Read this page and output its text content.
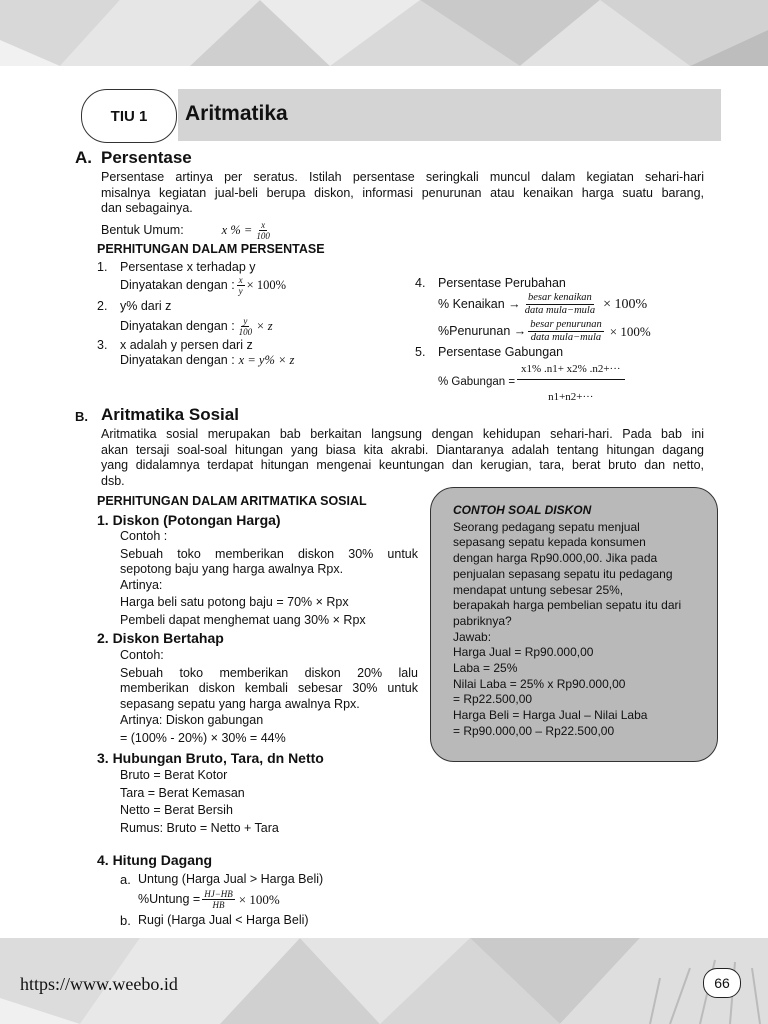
TIU 1	Aritmatika
A. Persentase
Persentase artinya per seratus. Istilah persentase seringkali muncul dalam kegiatan sehari-hari
misalnya kegiatan jual-beli berupa diskon, informasi penurunan atau kenaikan harga suatu barang,
dan sebagainya.
Bentuk Umum:	x % = $\frac{x}{100}$
PERHITUNGAN DALAM PERSENTASE
1. Persentase x terhadap y
Dinyatakan dengan : $\frac{x}{y} \times 100\%$
2. y% dari z
Dinyatakan dengan : $\frac{y}{100} \times z$
3. x adalah y persen dari z
Dinyatakan dengan : x = y% × z
4. Persentase Perubahan
% Kenaikan → $\frac{\text{besar kenaikan}}{\text{data mula−mula}} \times 100\%$
%Penurunan → $\frac{\text{besar penurunan}}{\text{data mula−mula}} \times 100\%$
5. Persentase Gabungan
% Gabungan = $\frac{x1\% .n1+ x2\% .n2+\cdot\cdot\cdot}{n1+n2+\cdot\cdot\cdot}$
B. Aritmatika Sosial
Aritmatika sosial merupakan bab berkaitan langsung dengan kehidupan sehari-hari. Pada bab ini
akan tersaji soal-soal hitungan yang biasa kita akrabi. Diantaranya adalah tentang hitungan dagang
yang didalamnya terdapat hitungan mengenai keuntungan dan kerugian, tara, berat bruto dan netto,
dsb.
PERHITUNGAN DALAM ARITMATIKA SOSIAL
1. Diskon (Potongan Harga)
Contoh :
Sebuah toko memberikan diskon 30% untuk
sepotong baju yang harga awalnya Rpx.
Artinya:
Harga beli satu potong baju = 70% × Rpx
Pembeli dapat menghemat uang 30% × Rpx
2. Diskon Bertahap
Contoh:
Sebuah toko memberikan diskon 20% lalu
memberikan diskon kembali sebesar 30% untuk
sepasang sepatu yang harga awalnya Rpx.
Artinya: Diskon gabungan
= (100% - 20%) × 30% = 44%
3. Hubungan Bruto, Tara, dn Netto
Bruto = Berat Kotor
Tara = Berat Kemasan
Netto = Berat Bersih
Rumus: Bruto = Netto + Tara
4. Hitung Dagang
a. Untung (Harga Jual > Harga Beli)
%Untung = $\frac{HJ-HB}{HB} \times 100\%$
b. Rugi (Harga Jual < Harga Beli)
CONTOH SOAL DISKON
Seorang pedagang sepatu menjual
sepasang sepatu kepada konsumen
dengan harga Rp90.000,00. Jika pada
penjualan sepasang sepatu itu pedagang
mendapat untung sebesar 25%,
berapakah harga pembelian sepatu itu dari
pabriknya?
Jawab:
Harga Jual = Rp90.000,00
Laba = 25%
Nilai Laba = 25% x Rp90.000,00
= Rp22.500,00
Harga Beli = Harga Jual – Nilai Laba
= Rp90.000,00 – Rp22.500,00
https://www.weebo.id	66
